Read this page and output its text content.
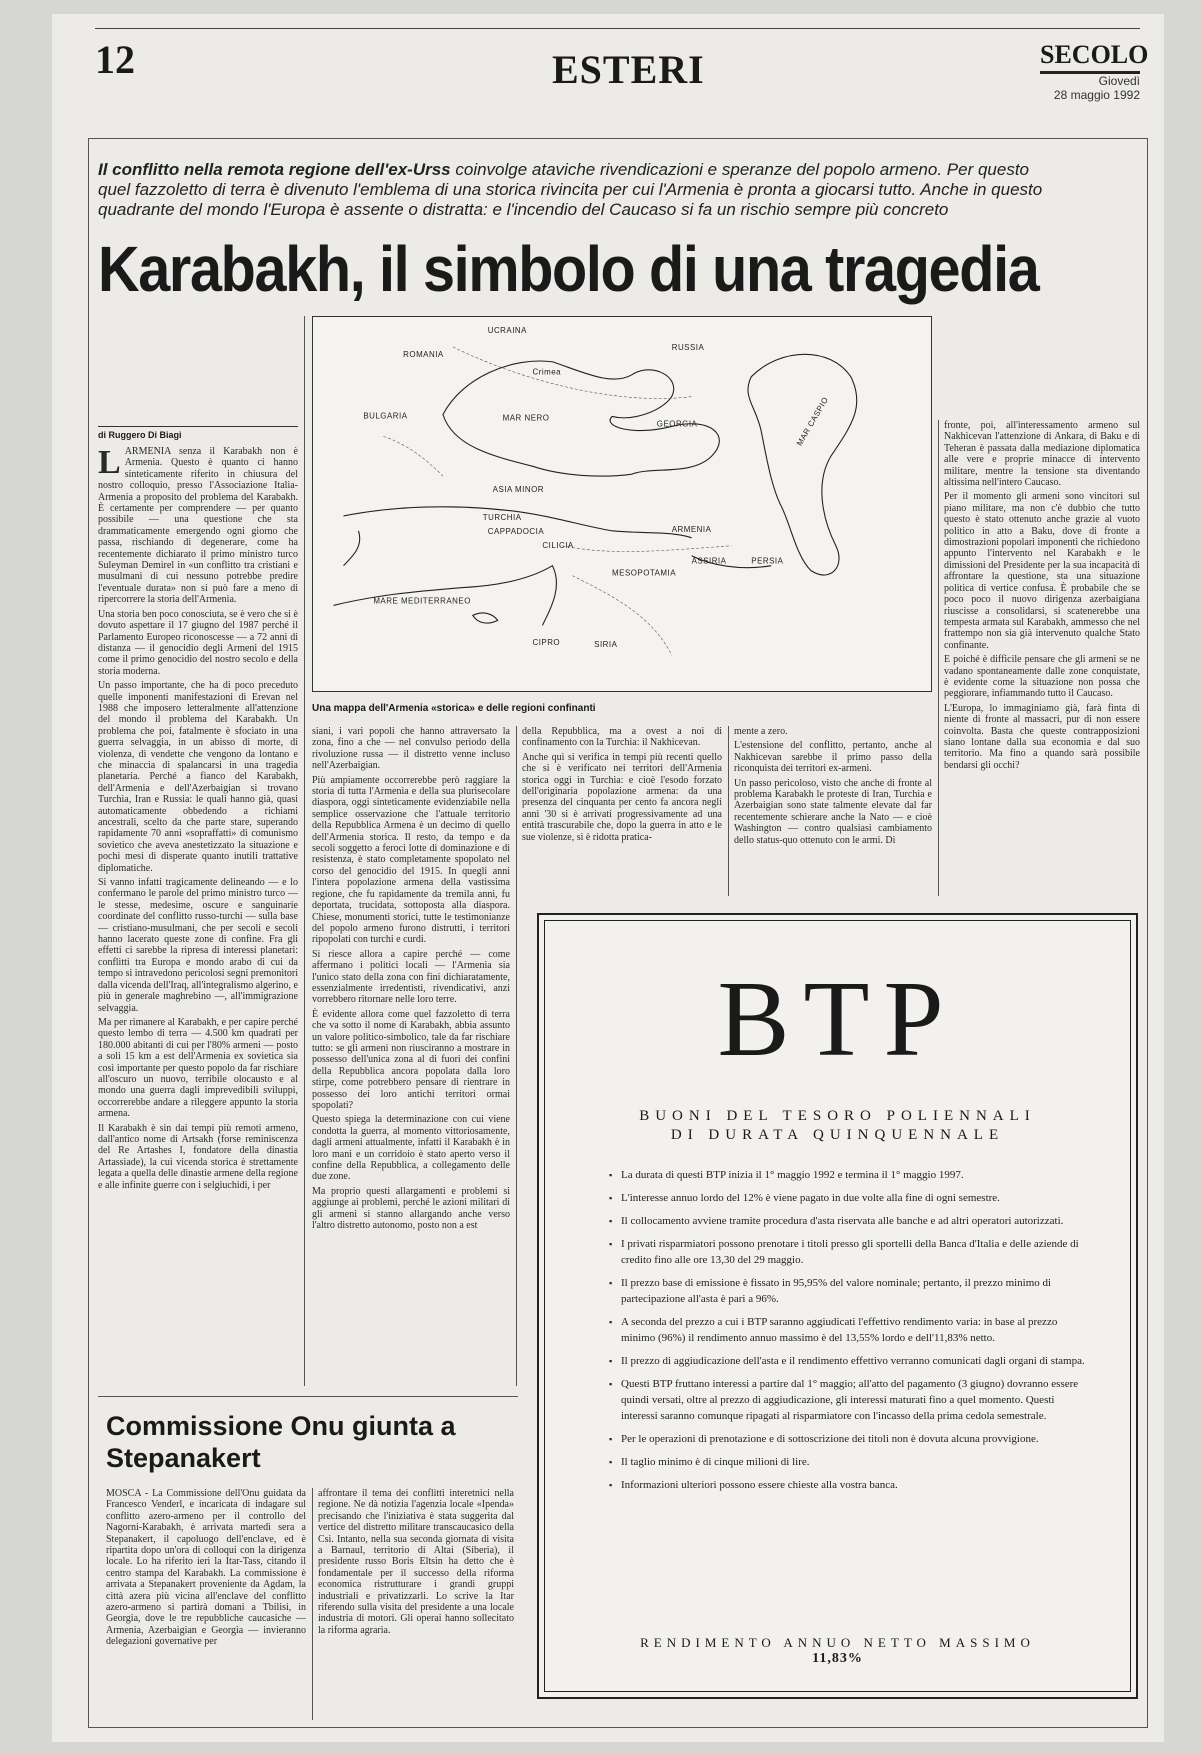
12	ESTERI	SECOLO
Giovedì
28 maggio 1992
Il conflitto nella remota regione dell'ex-Urss coinvolge ataviche rivendicazioni e speranze del popolo armeno. Per questo quel fazzoletto di terra è divenuto l'emblema di una storica rivincita per cui l'Armenia è pronta a giocarsi tutto. Anche in questo quadrante del mondo l'Europa è assente o distratta: e l'incendio del Caucaso si fa un rischio sempre più concreto
Karabakh, il simbolo di una tragedia
UCRAINA
ROMANIA
RUSSIA
Crimea
BULGARIA	MAR NERO
GEORGIA	MAR CASPIO
ASIA MINOR
TURCHIA
CAPPADOCIA
CILICIA
ARMENIA
ASSIRIA	PERSIA
MESOPOTAMIA
MARE MEDITERRANEO
CIPRO	SIRIA
Una mappa dell'Armenia «storica» e delle regioni confinanti
di Ruggero Di Biagi

LARMENIA senza il Karabakh non è Armenia. Questo è quanto ci hanno sinteticamente riferito in chiusura del nostro colloquio, presso l'Associazione Italia-Armenia a proposito del problema del Karabakh. È certamente per comprendere — per quanto possibile — una questione che sta drammaticamente emergendo ogni giorno che passa, rischiando di degenerare, come ha recentemente dichiarato il primo ministro turco Suleyman Demirel in «un conflitto tra cristiani e musulmani di cui nessuno potrebbe predire l'eventuale durata» non si può fare a meno di ripercorrere la storia dell'Armenia.

Una storia ben poco conosciuta, se è vero che si è dovuto aspettare il 17 giugno del 1987 perché il Parlamento Europeo riconoscesse — a 72 anni di distanza — il genocidio degli Armeni del 1915 come il primo genocidio del nostro secolo e della storia moderna.

Un passo importante, che ha di poco preceduto quelle imponenti manifestazioni di Erevan nel 1988 che imposero letteralmente all'attenzione del mondo il problema del Karabakh. Un problema che poi, fatalmente è sfociato in una guerra selvaggia, in un abisso di morte, di violenza, di vendette che vengono da lontano e che minaccia di spalancarsi in una tragedia planetaria. Perché a fianco del Karabakh, dell'Armenia e dell'Azerbaigian si trovano Turchia, Iran e Russia: le quali hanno già, quasi automaticamente obbedendo a richiami ancestrali, scelto da che parte stare, superando rapidamente 70 anni «sopraffatti» di comunismo sovietico che aveva anestetizzato la situazione e pochi mesi di disperate quanto inutili trattative diplomatiche.

Si vanno infatti tragicamente delineando — e lo confermano le parole del primo ministro turco — le stesse, medesime, oscure e sanguinarie coordinate del conflitto russo-turchi — sulla base — cristiano-musulmani, che per secoli e secoli hanno lacerato queste zone di confine. Fra gli effetti ci sarebbe la ripresa di interessi planetari: conflitti tra Europa e mondo arabo di cui da tempo si intravedono pericolosi segni premonitori dalla vicenda dell'Iraq, all'integralismo algerino, e più in generale maghrebino —, all'immigrazione selvaggia.

Ma per rimanere al Karabakh, e per capire perché questo lembo di terra — 4.500 km quadrati per 180.000 abitanti di cui per l'80% armeni — posto a soli 15 km a est dell'Armenia ex sovietica sia così importante per questo popolo da far rischiare all'oscuro un nuovo, terribile olocausto e al mondo una guerra dagli imprevedibili sviluppi, occorrerebbe andare a rileggere appunto la storia armena.

Il Karabakh è sin dai tempi più remoti armeno, dall'antico nome di Artsakh (forse reminiscenza del Re Artashes I, fondatore della dinastia Artassiade), la cui vicenda storica è strettamente legata a quella delle dinastie armene della regione e alle infinite guerre con i selgiuchidi, i per

siani, i vari popoli che hanno attraversato la zona, fino a che — nel convulso periodo della rivoluzione russa — il distretto venne incluso nell'Azerbaigian.

Più ampiamente occorrerebbe però raggiare la storia di tutta l'Armenia e della sua plurisecolare diaspora, oggi sinteticamente evidenziabile nella semplice osservazione che l'attuale territorio della Repubblica Armena è un decimo di quello dell'Armenia storica. Il resto, da tempo e da secoli soggetto a feroci lotte di dominazione e di resistenza, è stato completamente spopolato nel corso del genocidio del 1915. In quegli anni l'intera popolazione armena della vastissima regione, che fu rapidamente da tremila anni, fu deportata, trucidata, sottoposta alla diaspora. Chiese, monumenti storici, tutte le testimonianze del popolo armeno furono distrutti, i territori ripopolati con turchi e curdi.

Si riesce allora a capire perché — come affermano i politici locali — l'Armenia sia l'unico stato della zona con fini dichiaratamente, essenzialmente irredentisti, rivendicativi, anzi vorrebbero ritornare nelle loro terre.

È evidente allora come quel fazzoletto di terra che va sotto il nome di Karabakh, abbia assunto un valore politico-simbolico, tale da far rischiare tutto: se gli armeni non riusciranno a mostrare in possesso dell'unica zona al di fuori dei confini della Repubblica ancora popolata dalla loro stirpe, come potrebbero pensare di rientrare in possesso dei loro antichi territori ormai spopolati?

Questo spiega la determinazione con cui viene condotta la guerra, al momento vittoriosamente, dagli armeni attualmente, infatti il Karabakh è in loro mani e un corridoio è stato aperto verso il confine della Repubblica, a collegamento delle due zone.

Ma proprio questi allargamenti e problemi si aggiunge ai problemi, perché le azioni militari di gli armeni si stanno allargando anche verso l'altro distretto autonomo, posto non a est

della Repubblica, ma a ovest a noi di confinamento con la Turchia: il Nakhicevan.

Anche qui si verifica in tempi più recenti quello che si è verificato nei territori dell'Armenia storica oggi in Turchia: e cioè l'esodo forzato dell'originaria popolazione armena: da una presenza del cinquanta per cento fa ancora negli anni '30 si è arrivati progressivamente ad una entità trascurabile che, dopo la guerra in atto e le sue violenze, si è ridotta pratica-

mente a zero.

L'estensione del conflitto, pertanto, anche al Nakhicevan sarebbe il primo passo della riconquista dei territori ex-armeni.

Un passo pericoloso, visto che anche di fronte al problema Karabakh le proteste di Iran, Turchia e Azerbaigian sono state talmente elevate dal far recentemente schierare anche la Nato — e cioè Washington — contro qualsiasi cambiamento dello status-quo ottenuto con le armi. Di

fronte, poi, all'interessamento armeno sul Nakhicevan l'attenzione di Ankara, di Baku e di Teheran è passata dalla mediazione diplomatica alle vere e proprie minacce di intervento militare, mentre la tensione sta diventando altissima nell'intero Caucaso.

Per il momento gli armeni sono vincitori sul piano militare, ma non c'è dubbio che tutto questo è stato ottenuto anche grazie al vuoto politico in atto a Baku, dove di fronte a dimostrazioni popolari imponenti che richiedono appunto l'intervento nel Karabakh e le dimissioni del Presidente per la sua incapacità di affrontare la questione, sta una situazione politica di vertice confusa. È probabile che se poco poco il nuovo dirigenza azerbaigiana riuscisse a consolidarsi, si scatenerebbe una tempesta armata sul Karabakh, ammesso che nel frattempo non sia già intervenuto qualche Stato confinante.

E poiché è difficile pensare che gli armeni se ne vadano spontaneamente dalle zone conquistate, è evidente come la situazione non possa che peggiorare, infiammando tutto il Caucaso.

L'Europa, lo immaginiamo già, farà finta di niente di fronte al massacri, pur di non essere coinvolta. Basta che queste contrapposizioni siano lontane dalla sua economia e dal suo territorio. Ma fino a quando sarà possibile bendarsi gli occhi?

Commissione Onu giunta a Stepanakert

MOSCA - La Commissione dell'Onu guidata da Francesco Venderl, e incaricata di indagare sul conflitto azero-armeno per il controllo del Nagorni-Karabakh, è arrivata martedì sera a Stepanakert, il capoluogo dell'enclave, ed è ripartita dopo un'ora di colloqui con la dirigenza locale. Lo ha riferito ieri la Itar-Tass, citando il centro stampa del Karabakh. La commissione è arrivata a Stepanakert proveniente da Agdam, la città azera più vicina all'enclave del conflitto azero-armeno si partirà domani a Tbilisi, in Georgia, dove le tre repubbliche caucasiche — Armenia, Azerbaigian e Georgia — invieranno delegazioni governative per

affrontare il tema dei conflitti interetnici nella regione. Ne dà notizia l'agenzia locale «Ipenda» precisando che l'iniziativa è stata suggerita dal vertice del distretto militare transcaucasico della Csi. Intanto, nella sua seconda giornata di visita a Barnaul, territorio di Altai (Siberia), il presidente russo Boris Eltsin ha detto che è fondamentale per il successo della riforma economica ristrutturare i grandi gruppi industriali e privatizzarli. Lo scrive la Itar riferendo sulla visita del presidente a una locale industria di motori. Gli operai hanno sollecitato la riforma agraria.

BTP
BUONI DEL TESORO POLIENNALI
DI DURATA QUINQUENNALE
▪ La durata di questi BTP inizia il 1° maggio 1992 e termina il 1° maggio 1997.
▪ L'interesse annuo lordo del 12% è viene pagato in due volte alla fine di ogni semestre.
▪ Il collocamento avviene tramite procedura d'asta riservata alle banche e ad altri operatori autorizzati.
▪ I privati risparmiatori possono prenotare i titoli presso gli sportelli della Banca d'Italia e delle aziende di credito fino alle ore 13,30 del 29 maggio.
▪ Il prezzo base di emissione è fissato in 95,95% del valore nominale; pertanto, il prezzo minimo di partecipazione all'asta è pari a 96%.
▪ A seconda del prezzo a cui i BTP saranno aggiudicati l'effettivo rendimento varia: in base al prezzo minimo (96%) il rendimento annuo massimo è del 13,55% lordo e dell'11,83% netto.
▪ Il prezzo di aggiudicazione dell'asta e il rendimento effettivo verranno comunicati dagli organi di stampa.
▪ Questi BTP fruttano interessi a partire dal 1° maggio; all'atto del pagamento (3 giugno) dovranno essere quindi versati, oltre al prezzo di aggiudicazione, gli interessi maturati fino a quel momento. Questi interessi saranno comunque ripagati al risparmiatore con l'incasso della prima cedola semestrale.
▪ Per le operazioni di prenotazione e di sottoscrizione dei titoli non è dovuta alcuna provvigione.
▪ Il taglio minimo è di cinque milioni di lire.
▪ Informazioni ulteriori possono essere chieste alla vostra banca.
RENDIMENTO ANNUO NETTO MASSIMO
11,83%
